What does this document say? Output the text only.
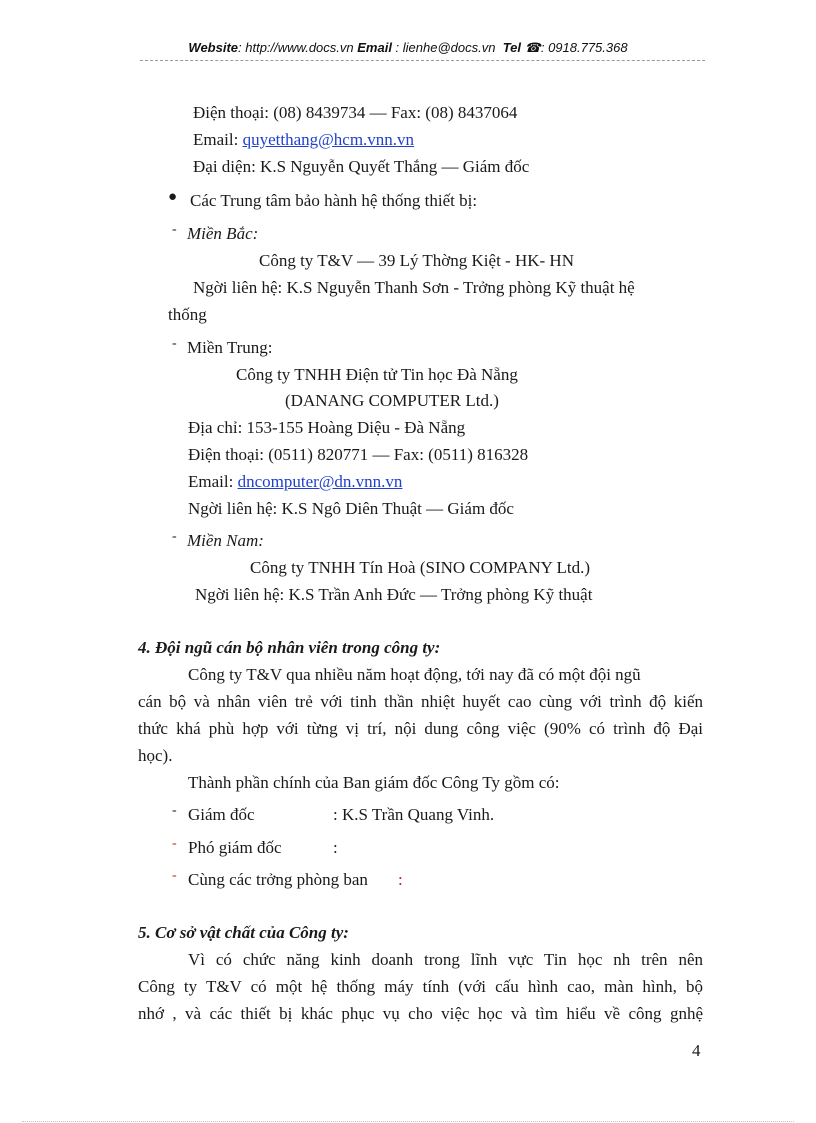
Website: http://www.docs.vn Email : lienhe@docs.vn Tel ☎: 0918.775.368
Điện thoại: (08) 8439734 — Fax: (08) 8437064
Email: quyetthang@hcm.vnn.vn
Đại diện: K.S Nguyễn Quyết Thắng — Giám đốc
● Các Trung tâm bảo hành hệ thống thiết bị:
- Miền Bắc:
Công ty T&V — 39 Lý Thờng Kiệt - HK- HN
Ngời liên hệ: K.S Nguyễn Thanh Sơn - Trởng phòng Kỹ thuật hệ
thống
- Miền Trung:
Công ty TNHH Điện tử Tin học Đà Nẵng
(DANANG COMPUTER Ltd.)
Địa chỉ: 153-155 Hoàng Diệu - Đà Nẵng
Điện thoại: (0511) 820771 — Fax: (0511) 816328
Email: dncomputer@dn.vnn.vn
Ngời liên hệ: K.S Ngô Diên Thuật — Giám đốc
- Miền Nam:
Công ty TNHH Tín Hoà (SINO COMPANY Ltd.)
Ngời liên hệ: K.S Trần Anh Đức — Trởng phòng Kỹ thuật
4. Đội ngũ cán bộ nhân viên trong công ty:
Công ty T&V qua nhiều năm hoạt động, tới nay đã có một đội ngũ
cán bộ và nhân viên trẻ với tinh thần nhiệt huyết cao cùng với trình độ kiến
thức khá phù hợp với từng vị trí, nội dung công việc (90% có trình độ Đại
học).
Thành phần chính của Ban giám đốc Công Ty gồm có:
- Giám đốc	: K.S Trần Quang Vinh.
- Phó giám đốc	:
- Cùng các trởng phòng ban :
5. Cơ sở vật chất của Công ty:
Vì có chức năng kinh doanh trong lĩnh vực Tin học nh trên nên
Công ty T&V có một hệ thống máy tính (với cấu hình cao, màn hình, bộ
nhớ , và các thiết bị khác phục vụ cho việc học và tìm hiểu về công gnhệ
4
